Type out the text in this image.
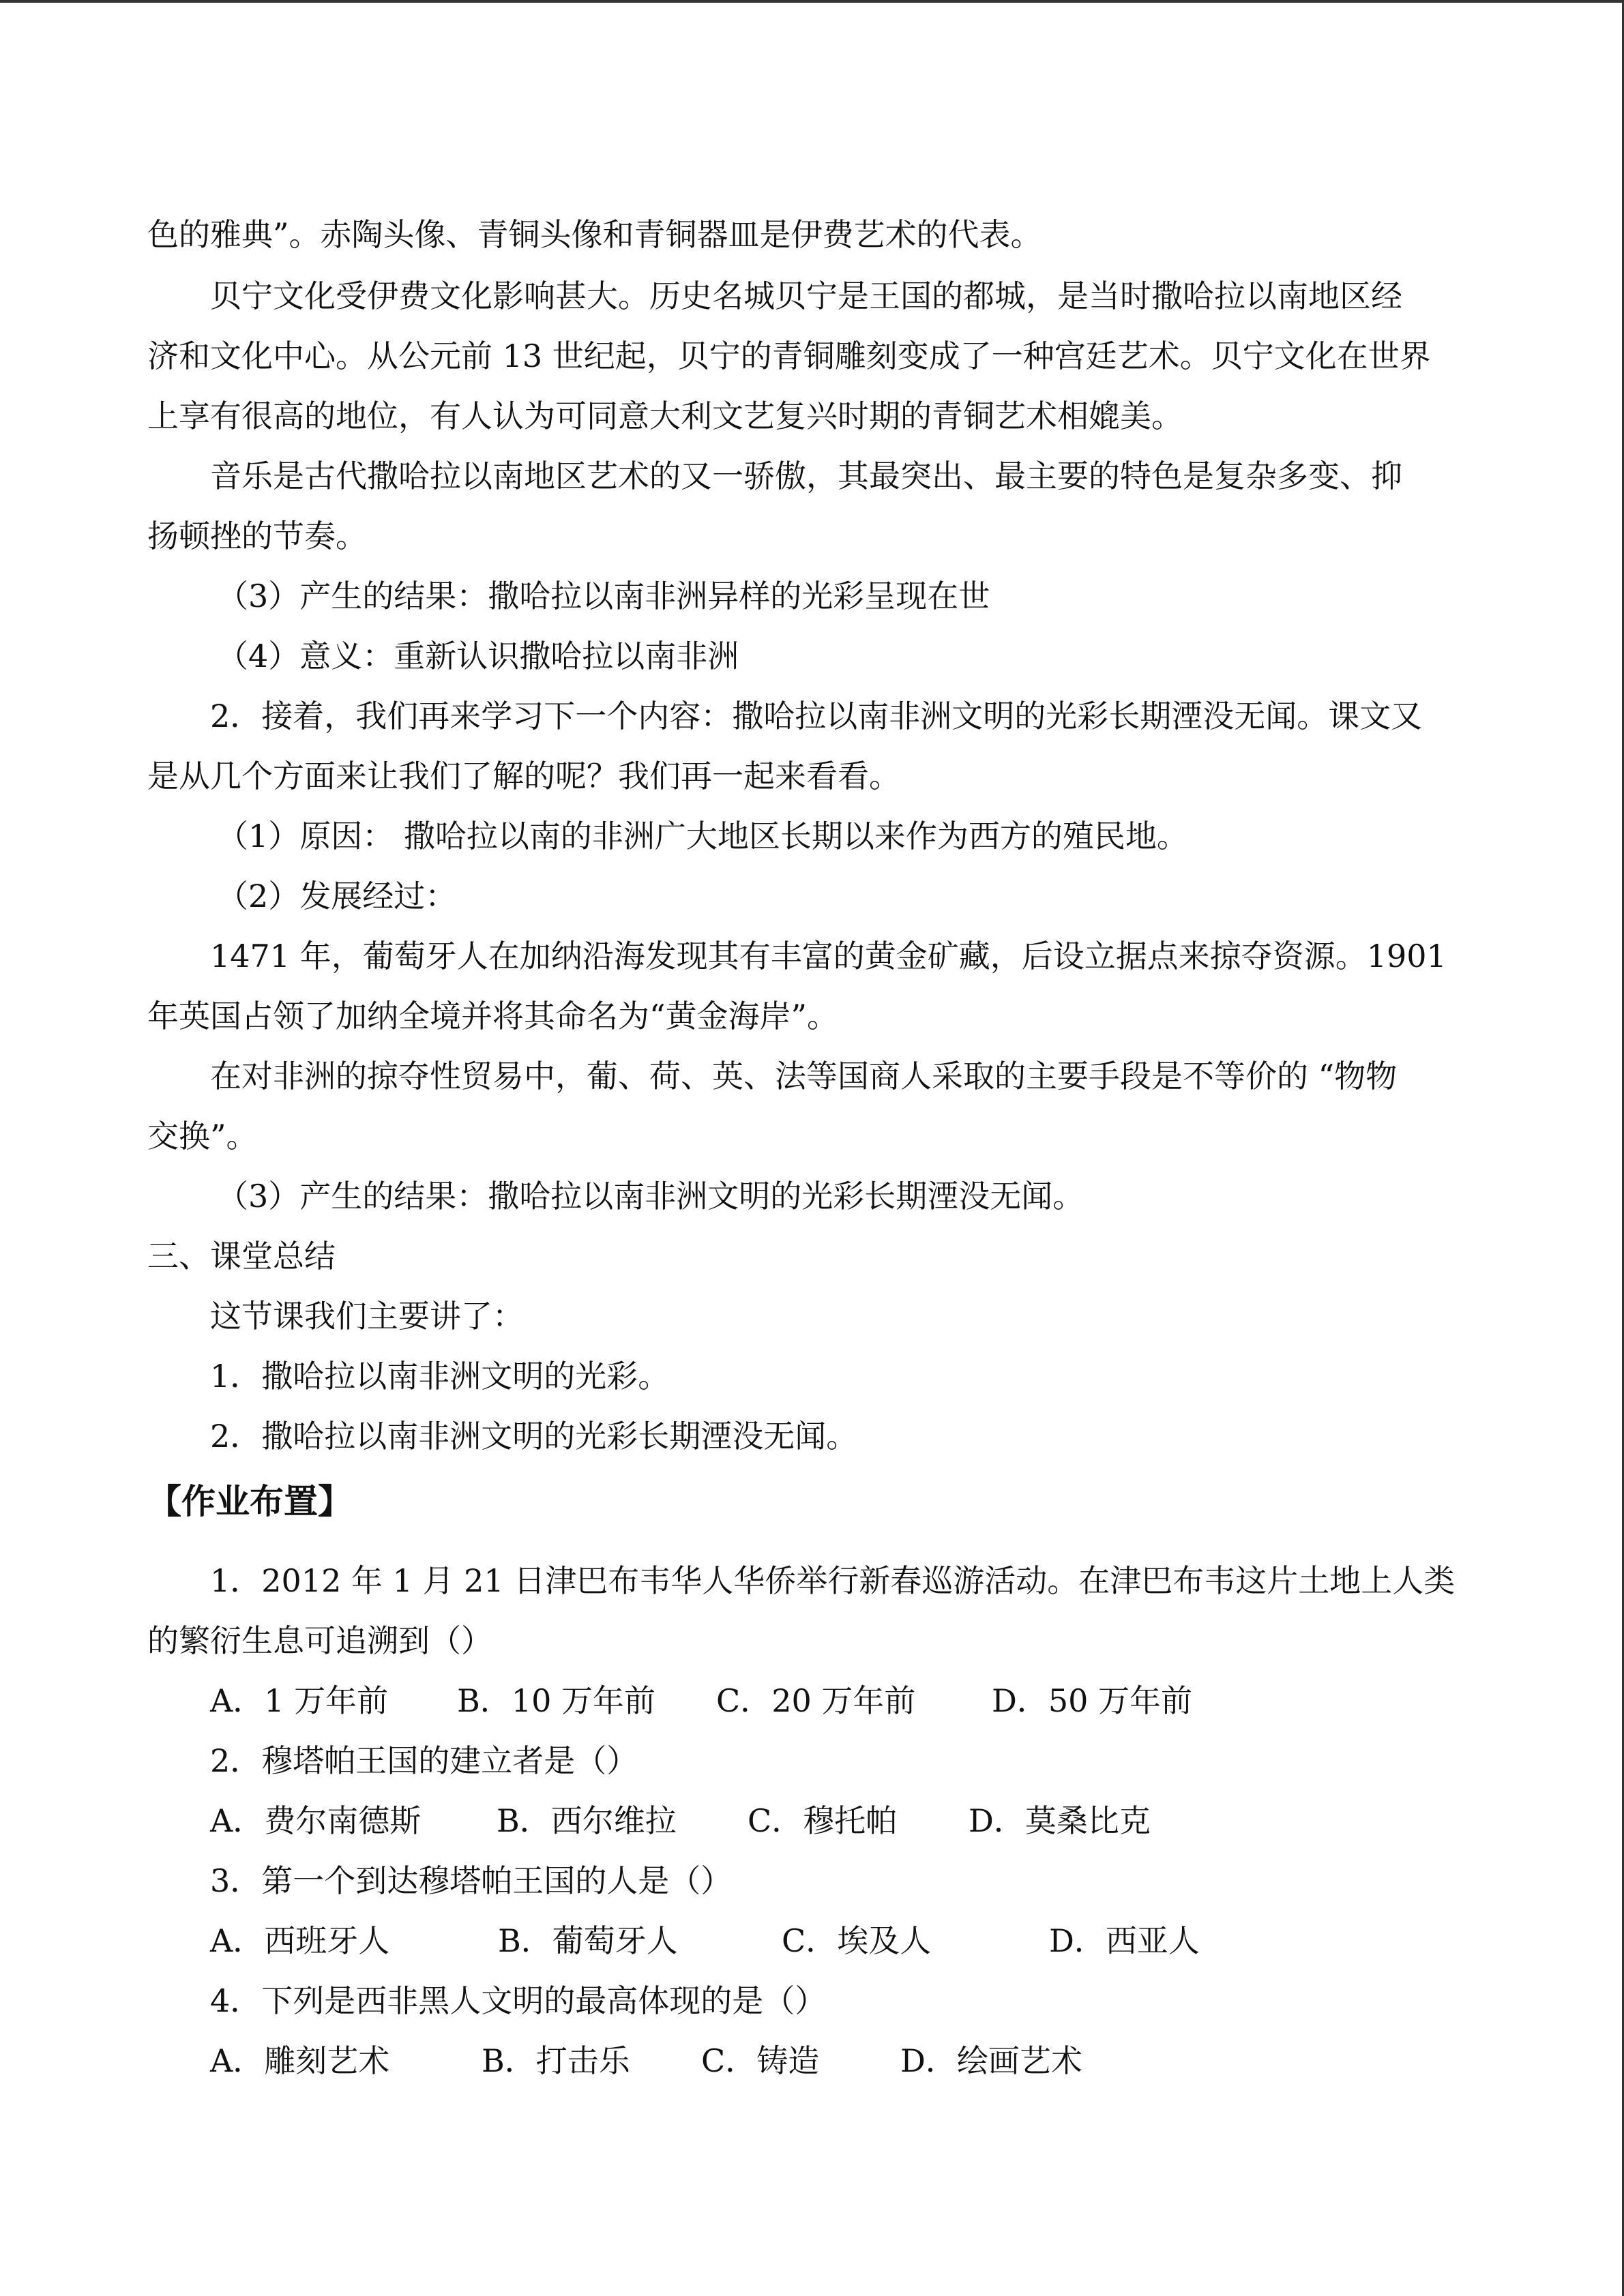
色的雅典”。赤陶头像、青铜头像和青铜器皿是伊费艺术的代表。
贝宁文化受伊费文化影响甚大。历史名城贝宁是王国的都城，是当时撒哈拉以南地区经
济和文化中心。从公元前 13 世纪起，贝宁的青铜雕刻变成了一种宫廷艺术。贝宁文化在世界
上享有很高的地位，有人认为可同意大利文艺复兴时期的青铜艺术相媲美。
音乐是古代撒哈拉以南地区艺术的又一骄傲，其最突出、最主要的特色是复杂多变、抑
扬顿挫的节奏。
（3）产生的结果：撒哈拉以南非洲异样的光彩呈现在世
（4）意义：重新认识撒哈拉以南非洲
2．接着，我们再来学习下一个内容：撒哈拉以南非洲文明的光彩长期湮没无闻。课文又
是从几个方面来让我们了解的呢？我们再一起来看看。
（1）原因： 撒哈拉以南的非洲广大地区长期以来作为西方的殖民地。
（2）发展经过：
1471 年，葡萄牙人在加纳沿海发现其有丰富的黄金矿藏，后设立据点来掠夺资源。1901
年英国占领了加纳全境并将其命名为“黄金海岸”。
在对非洲的掠夺性贸易中，葡、荷、英、法等国商人采取的主要手段是不等价的 “物物
交换”。
（3）产生的结果：撒哈拉以南非洲文明的光彩长期湮没无闻。
三、课堂总结
这节课我们主要讲了：
1．撒哈拉以南非洲文明的光彩。
2．撒哈拉以南非洲文明的光彩长期湮没无闻。
【作业布置】
1．2012 年 1 月 21 日津巴布韦华人华侨举行新春巡游活动。在津巴布韦这片土地上人类
的繁衍生息可追溯到（）
A．1 万年前 B．10 万年前 C．20 万年前 D．50 万年前
2．穆塔帕王国的建立者是（）
A．费尔南德斯 B．西尔维拉 C．穆托帕 D．莫桑比克
3．第一个到达穆塔帕王国的人是（）
A．西班牙人	B．葡萄牙人	C．埃及人	D．西亚人
4．下列是西非黑人文明的最高体现的是（）
A．雕刻艺术	B．打击乐 C．铸造	D．绘画艺术
